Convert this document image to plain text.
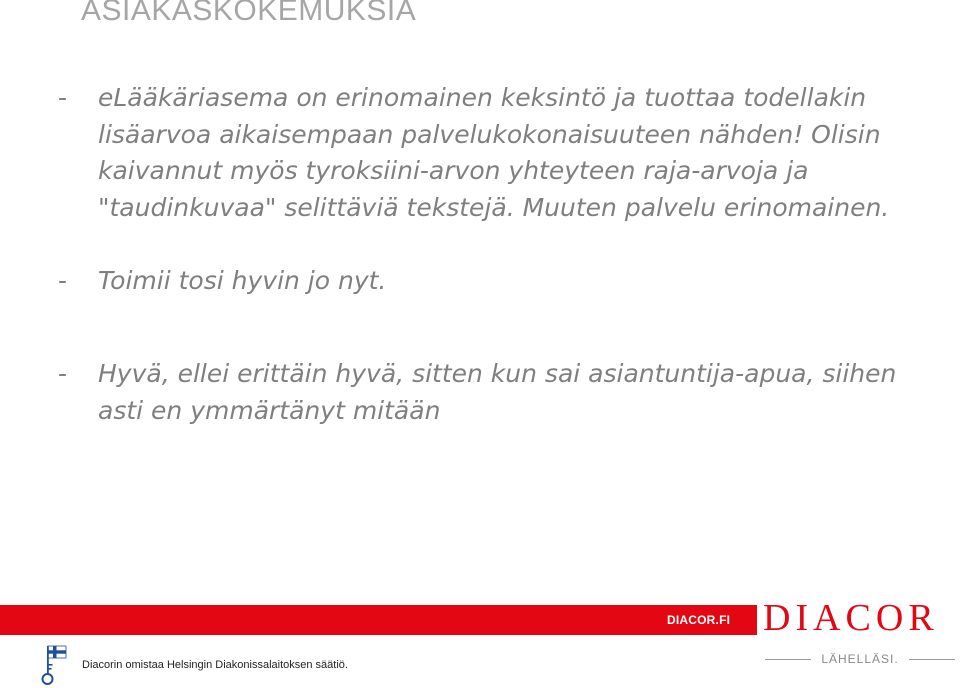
ASIAKASKOKEMUKSIA
- eLääkäriasema on erinomainen keksintö ja tuottaa todellakin lisäarvoa aikaisempaan palvelukokonaisuuteen nähden! Olisin kaivannut myös tyroksiini-arvon yhteyteen raja-arvoja ja "taudinkuvaa" selittäviä tekstejä. Muuten palvelu erinomainen.
- Toimii tosi hyvin jo nyt.
- Hyvä, ellei erittäin hyvä, sitten kun sai asiantuntija-apua, siihen asti en ymmärtänyt mitään
DIACOR.FI DIACOR
LÄHELLÄSI.
Diacorin omistaa Helsingin Diakonissalaitoksen säätiö.
